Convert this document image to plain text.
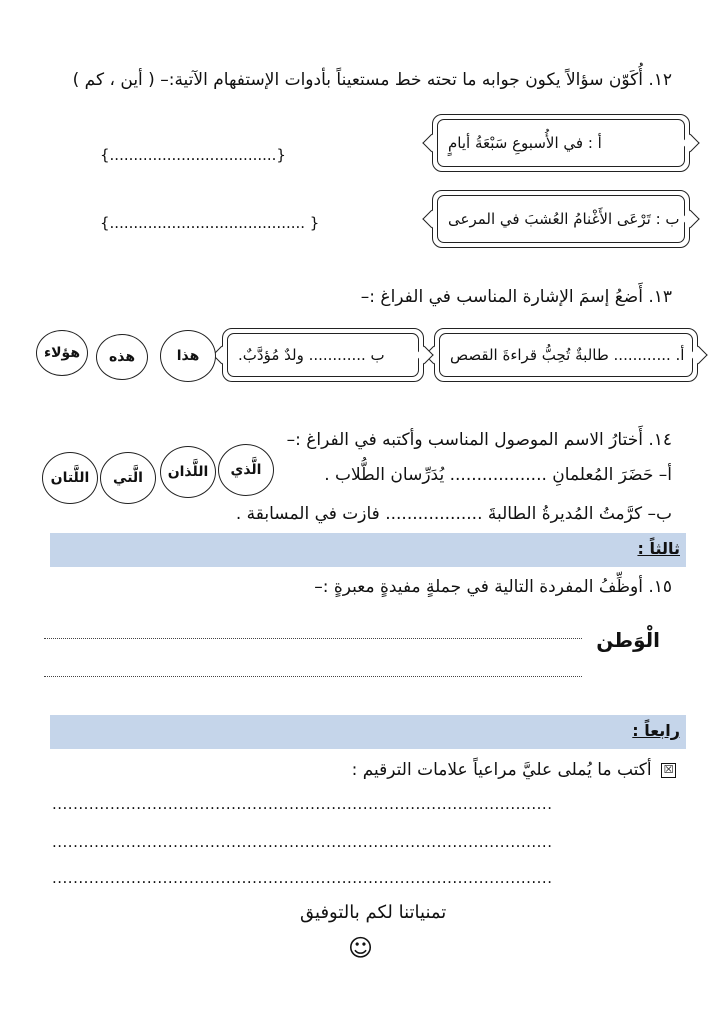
١٢. أُكَوّن سؤالاً يكون جوابه ما تحته خط مستعيناً بأدوات الإستفهام الآتية:– ( أين ، كم )
أ : في الأُسبوعِ سَبْعَةُ أيامٍ
{...................................}
ب : تَرْعَى الأَغْنامُ العُشبَ في المرعى
{......................................... }
١٣. أَضعُ إسمَ الإشارة المناسب في الفراغ :–
أ. ............ طالبةٌ تُحِبُّ قراءةَ القصص
ب ............ ولدٌ مُؤدَّبٌ.
هذا
هذه
هؤلاء
١٤. أَختارُ الاسم الموصول المناسب وأكتبه في الفراغ :–
أ– حَضَرَ المُعلمانِ .................. يُدَرِّسان الطُّلاب .
ب– كرَّمتُ المُديرةُ الطالبةَ .................. فازت في المسابقة .
الَّذي
اللَّذان
الَّتي
اللَّتان
ثالثاً :
١٥. أوظِّفُ المفردة التالية في جملةٍ مفيدةٍ معبرةٍ :–
الْوَطن
رابعاً :
☒ أكتب ما يُملى عليَّ مراعياً علامات الترقيم :
...............................................................................................
...............................................................................................
...............................................................................................
تمنياتنا لكم بالتوفيق
☺
